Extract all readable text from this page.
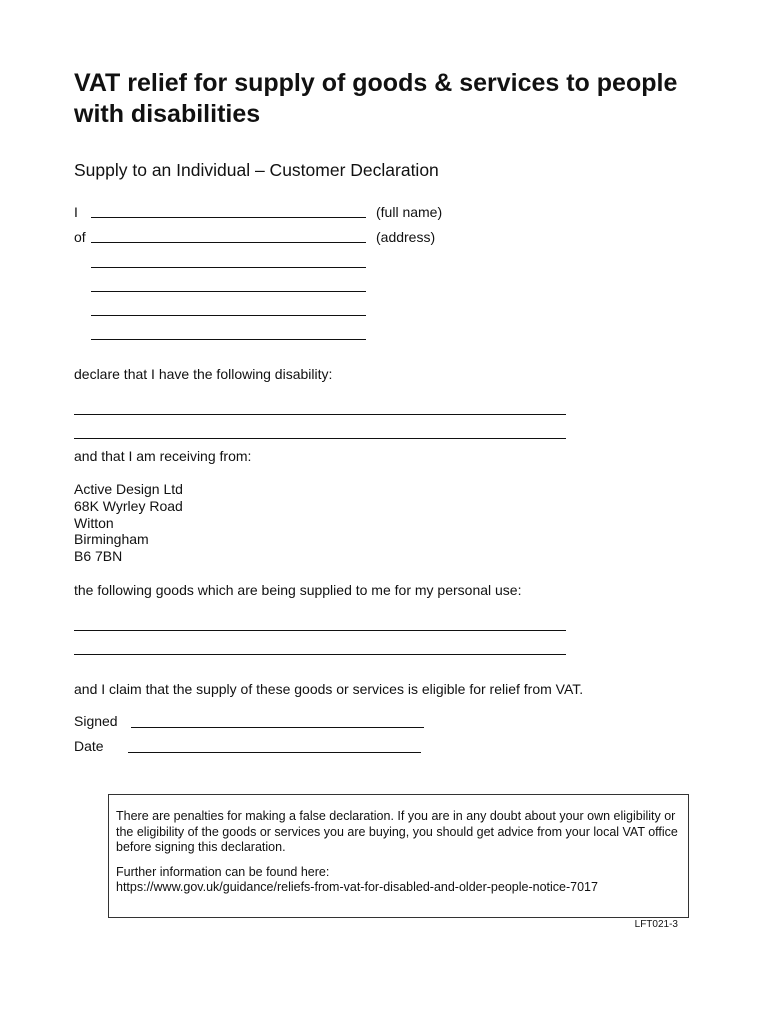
VAT relief for supply of goods & services to people with disabilities
Supply to an Individual – Customer Declaration
I	(full name)
of	(address)
declare that I have the following disability:
and that I am receiving from:
Active Design Ltd
68K Wyrley Road
Witton
Birmingham
B6 7BN
the following goods which are being supplied to me for my personal use:
and I claim that the supply of these goods or services is eligible for relief from VAT.
Signed
Date

There are penalties for making a false declaration. If you are in any doubt about your own eligibility or the eligibility of the goods or services you are buying, you should get advice from your local VAT office before signing this declaration.

Further information can be found here:
https://www.gov.uk/guidance/reliefs-from-vat-for-disabled-and-older-people-notice-7017

LFT021-3
